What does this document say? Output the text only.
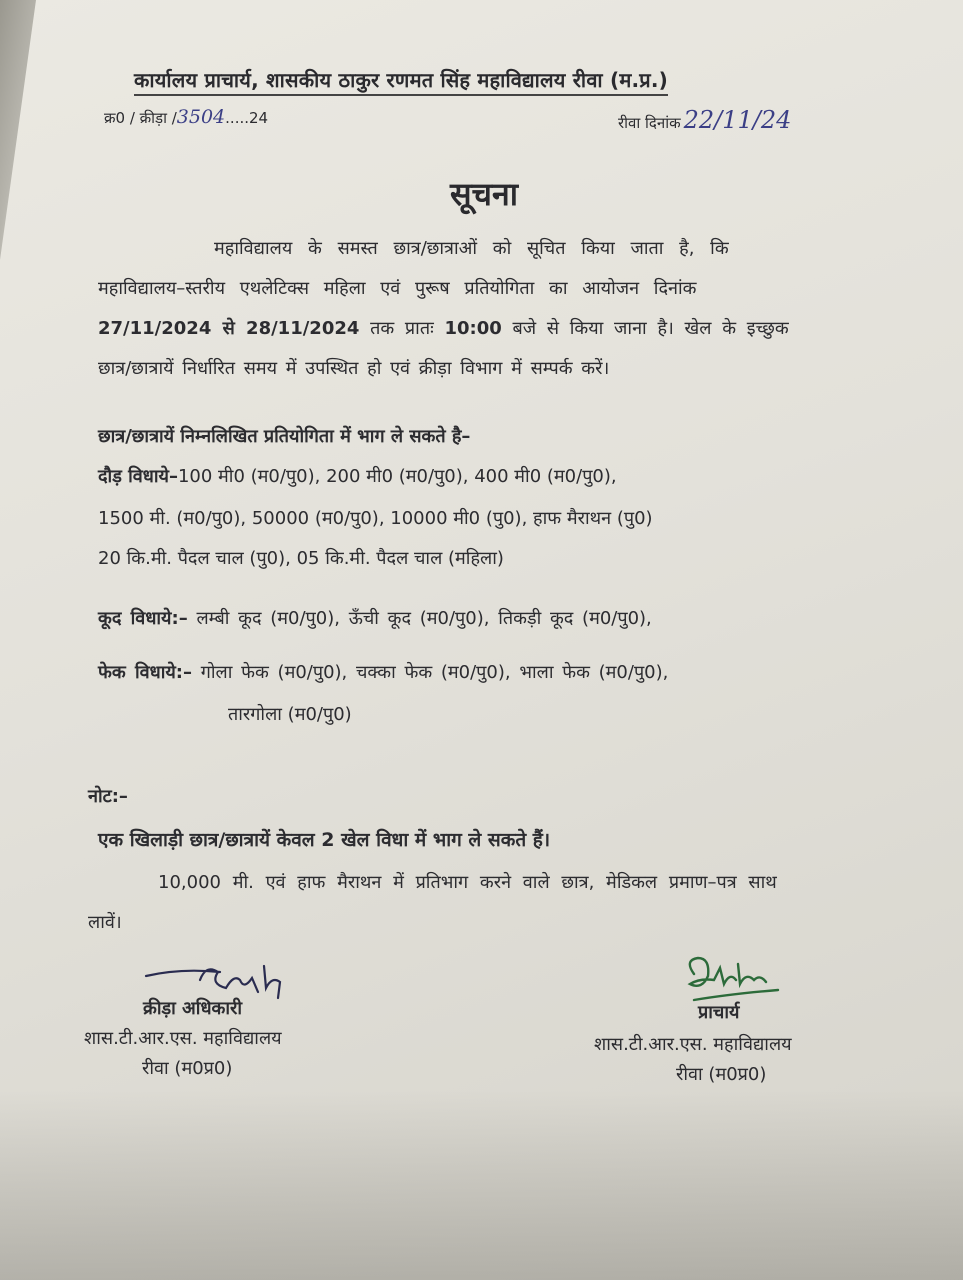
कार्यालय प्राचार्य, शासकीय ठाकुर रणमत सिंह महाविद्यालय रीवा (म.प्र.)
क्र0 / क्रीड़ा /3504.....24	रीवा दिनांक 22/11/24
सूचना
महाविद्यालय के समस्त छात्र/छात्राओं को सूचित किया जाता है, कि
महाविद्यालय–स्तरीय एथलेटिक्स महिला एवं पुरूष प्रतियोगिता का आयोजन दिनांक
27/11/2024 से 28/11/2024 तक प्रातः 10:00 बजे से किया जाना है। खेल के इच्छुक
छात्र/छात्रायें निर्धारित समय में उपस्थित हो एवं क्रीड़ा विभाग में सम्पर्क करें।
छात्र/छात्रायें निम्नलिखित प्रतियोगिता में भाग ले सकते है–
दौड़ विधाये–100 मी0 (म0/पु0), 200 मी0 (म0/पु0), 400 मी0 (म0/पु0),
1500 मी. (म0/पु0), 50000 (म0/पु0), 10000 मी0 (पु0), हाफ मैराथन (पु0)
20 कि.मी. पैदल चाल (पु0), 05 कि.मी. पैदल चाल (महिला)
कूद विधाये:– लम्बी कूद (म0/पु0), ऊँची कूद (म0/पु0), तिकड़ी कूद (म0/पु0),
फेक विधाये:– गोला फेक (म0/पु0), चक्का फेक (म0/पु0), भाला फेक (म0/पु0),
तारगोला (म0/पु0)
नोट:–
एक खिलाड़ी छात्र/छात्रायें केवल 2 खेल विधा में भाग ले सकते हैं।
10,000 मी. एवं हाफ मैराथन में प्रतिभाग करने वाले छात्र, मेडिकल प्रमाण–पत्र साथ
लावें।
क्रीड़ा अधिकारी
शास.टी.आर.एस. महाविद्यालय
रीवा (म0प्र0)
प्राचार्य
शास.टी.आर.एस. महाविद्यालय
रीवा (म0प्र0)
